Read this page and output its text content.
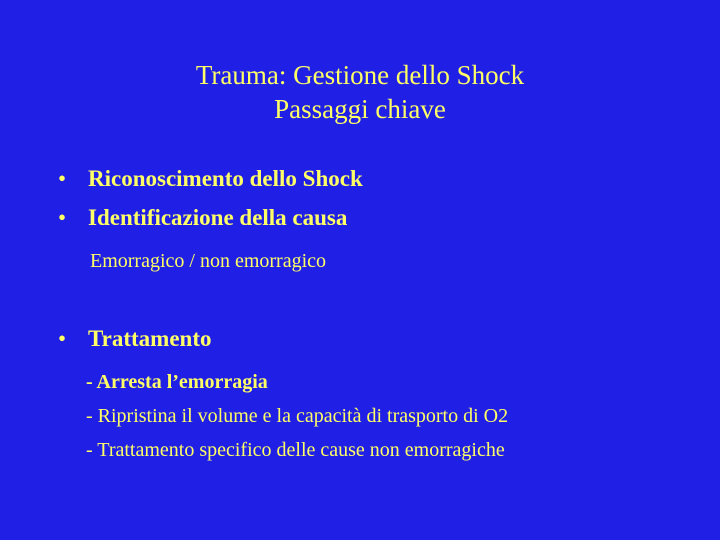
Trauma: Gestione dello Shock
Passaggi chiave
• Riconoscimento dello Shock
• Identificazione della causa
Emorragico / non emorragico
• Trattamento
- Arresta l’emorragia
- Ripristina il volume e la capacità di trasporto di O2
- Trattamento specifico delle cause non emorragiche
